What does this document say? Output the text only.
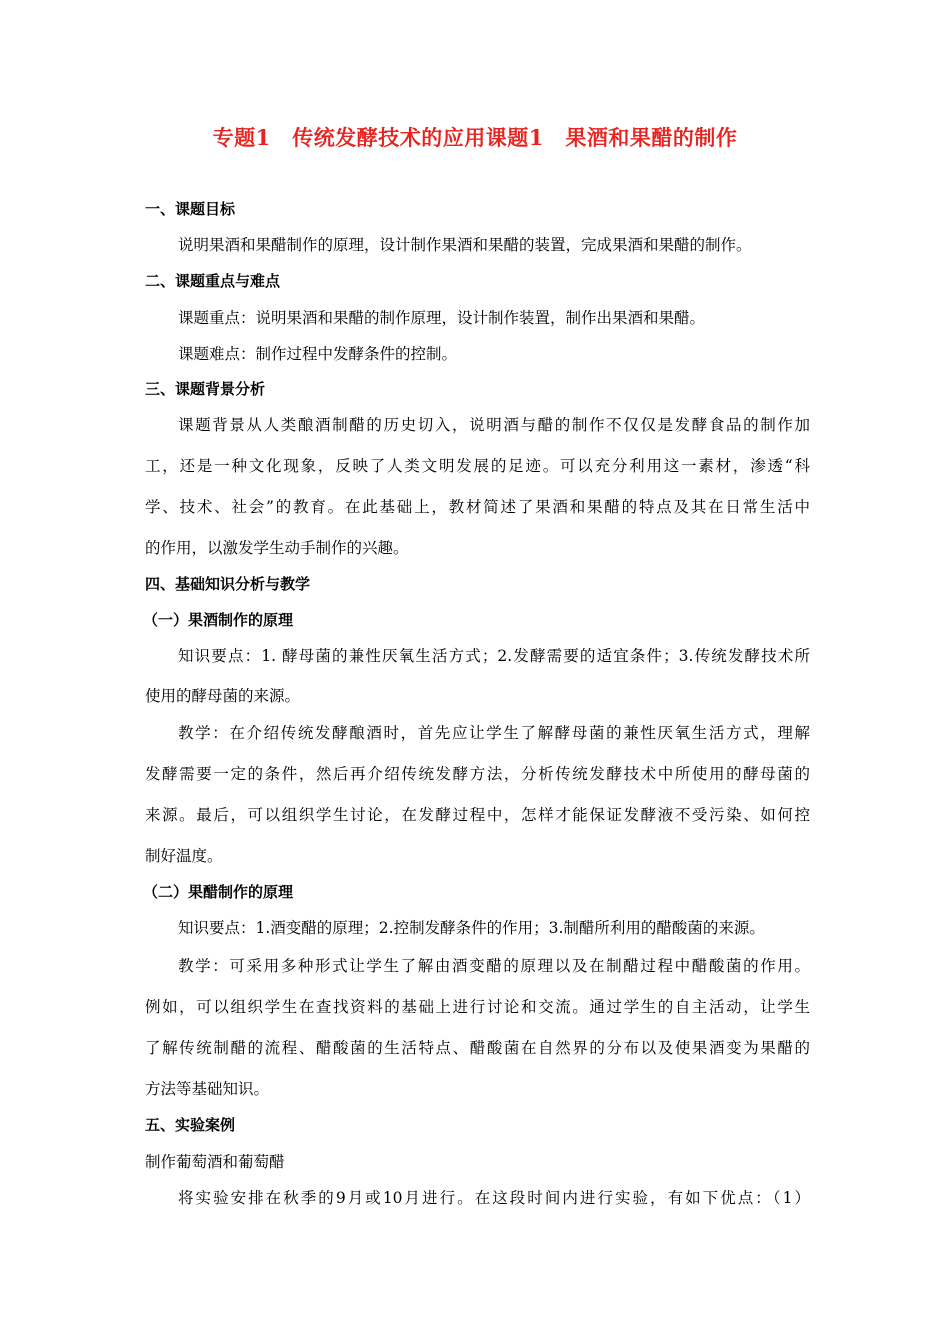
专题1　传统发酵技术的应用课题1　果酒和果醋的制作
一、课题目标
说明果酒和果醋制作的原理，设计制作果酒和果醋的装置，完成果酒和果醋的制作。
二、课题重点与难点
课题重点：说明果酒和果醋的制作原理，设计制作装置，制作出果酒和果醋。
课题难点：制作过程中发酵条件的控制。
三、课题背景分析
课题背景从人类酿酒制醋的历史切入，说明酒与醋的制作不仅仅是发酵食品的制作加
工，还是一种文化现象，反映了人类文明发展的足迹。可以充分利用这一素材，渗透“科
学、技术、社会”的教育。在此基础上，教材简述了果酒和果醋的特点及其在日常生活中
的作用，以激发学生动手制作的兴趣。
四、基础知识分析与教学
（一）果酒制作的原理
知识要点：1. 酵母菌的兼性厌氧生活方式；2.发酵需要的适宜条件；3.传统发酵技术所
使用的酵母菌的来源。
教学：在介绍传统发酵酿酒时，首先应让学生了解酵母菌的兼性厌氧生活方式，理解
发酵需要一定的条件，然后再介绍传统发酵方法，分析传统发酵技术中所使用的酵母菌的
来源。最后，可以组织学生讨论，在发酵过程中，怎样才能保证发酵液不受污染、如何控
制好温度。
（二）果醋制作的原理
知识要点：1.酒变醋的原理；2.控制发酵条件的作用；3.制醋所利用的醋酸菌的来源。
教学：可采用多种形式让学生了解由酒变醋的原理以及在制醋过程中醋酸菌的作用。
例如，可以组织学生在查找资料的基础上进行讨论和交流。通过学生的自主活动，让学生
了解传统制醋的流程、醋酸菌的生活特点、醋酸菌在自然界的分布以及使果酒变为果醋的
方法等基础知识。
五、实验案例
制作葡萄酒和葡萄醋
将实验安排在秋季的9月或10月进行。在这段时间内进行实验，有如下优点：（1）
